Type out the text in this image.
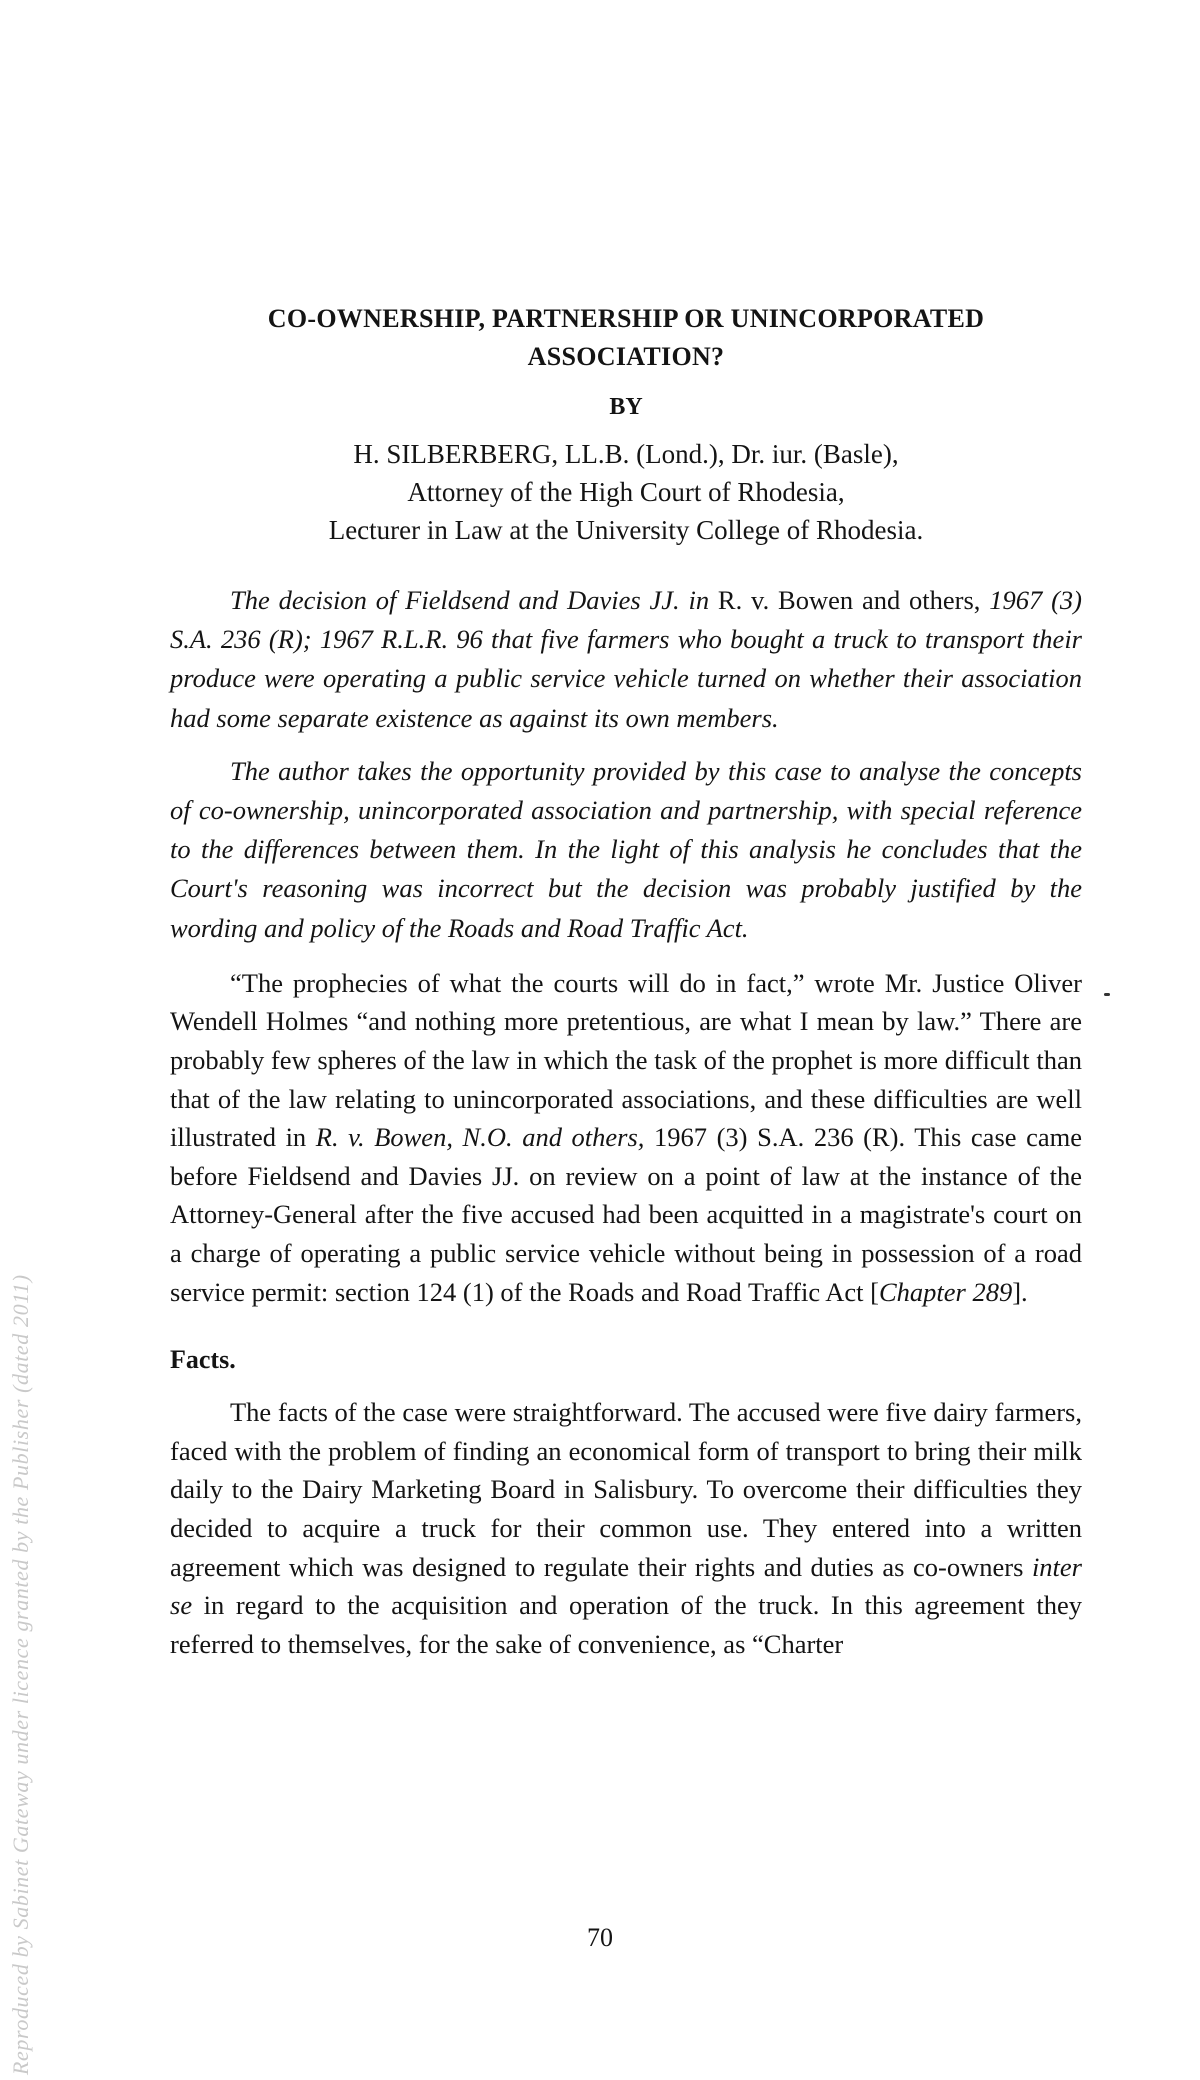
Reproduced by Sabinet Gateway under licence granted by the Publisher (dated 2011)
CO-OWNERSHIP, PARTNERSHIP OR UNINCORPORATED
ASSOCIATION?
BY
H. SILBERBERG, LL.B. (Lond.), Dr. iur. (Basle),
Attorney of the High Court of Rhodesia,
Lecturer in Law at the University College of Rhodesia.

The decision of Fieldsend and Davies JJ. in R. v. Bowen and others, 1967 (3) S.A. 236 (R); 1967 R.L.R. 96 that five farmers who bought a truck to transport their produce were operating a public service vehicle turned on whether their association had some separate existence as against its own members.

The author takes the opportunity provided by this case to analyse the concepts of co-ownership, unincorporated association and partnership, with special reference to the differences between them. In the light of this analysis he concludes that the Court's reasoning was incorrect but the decision was probably justified by the wording and policy of the Roads and Road Traffic Act.

“The prophecies of what the courts will do in fact,” wrote Mr. Justice Oliver Wendell Holmes “and nothing more pretentious, are what I mean by law.” There are probably few spheres of the law in which the task of the prophet is more difficult than that of the law relating to unincorporated associations, and these difficulties are well illustrated in R. v. Bowen, N.O. and others, 1967 (3) S.A. 236 (R). This case came before Fieldsend and Davies JJ. on review on a point of law at the instance of the Attorney-General after the five accused had been acquitted in a magistrate's court on a charge of operating a public service vehicle without being in possession of a road service permit: section 124 (1) of the Roads and Road Traffic Act [Chapter 289].

Facts.

The facts of the case were straightforward. The accused were five dairy farmers, faced with the problem of finding an economical form of transport to bring their milk daily to the Dairy Marketing Board in Salisbury. To overcome their difficulties they decided to acquire a truck for their common use. They entered into a written agreement which was designed to regulate their rights and duties as co-owners inter se in regard to the acquisition and operation of the truck. In this agreement they referred to themselves, for the sake of convenience, as “Charter

70
